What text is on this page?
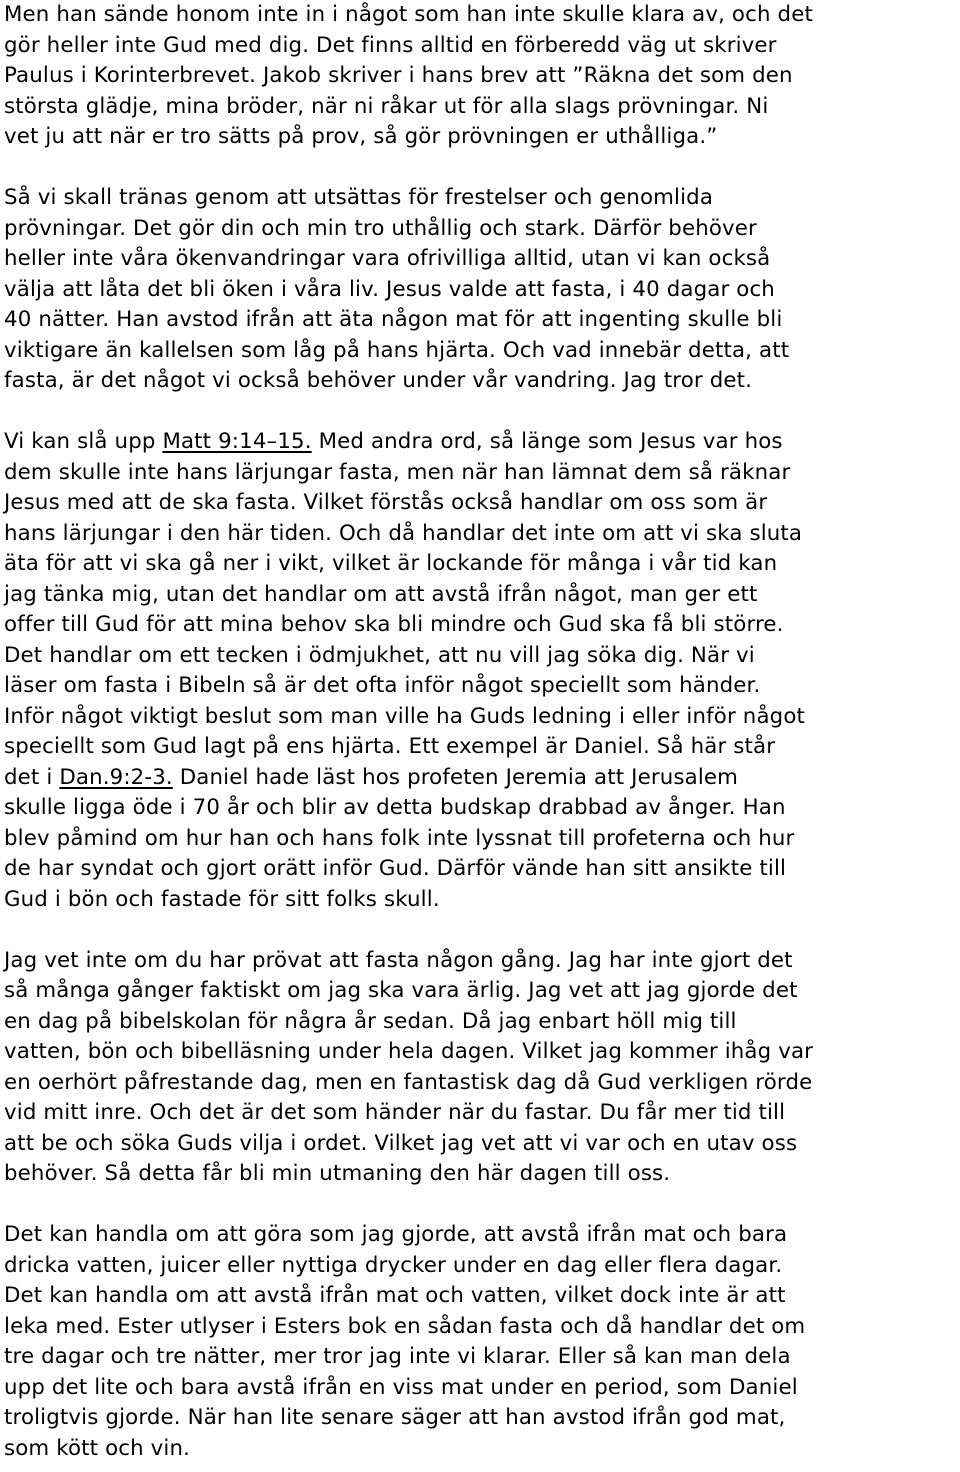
Men han sände honom inte in i något som han inte skulle klara av, och det
gör heller inte Gud med dig. Det finns alltid en förberedd väg ut skriver
Paulus i Korinterbrevet. Jakob skriver i hans brev att ”Räkna det som den
största glädje, mina bröder, när ni råkar ut för alla slags prövningar. Ni
vet ju att när er tro sätts på prov, så gör prövningen er uthålliga.”

Så vi skall tränas genom att utsättas för frestelser och genomlida
prövningar. Det gör din och min tro uthållig och stark. Därför behöver
heller inte våra ökenvandringar vara ofrivilliga alltid, utan vi kan också
välja att låta det bli öken i våra liv. Jesus valde att fasta, i 40 dagar och
40 nätter. Han avstod ifrån att äta någon mat för att ingenting skulle bli
viktigare än kallelsen som låg på hans hjärta. Och vad innebär detta, att
fasta, är det något vi också behöver under vår vandring. Jag tror det.

Vi kan slå upp Matt 9:14–15. Med andra ord, så länge som Jesus var hos
dem skulle inte hans lärjungar fasta, men när han lämnat dem så räknar
Jesus med att de ska fasta. Vilket förstås också handlar om oss som är
hans lärjungar i den här tiden. Och då handlar det inte om att vi ska sluta
äta för att vi ska gå ner i vikt, vilket är lockande för många i vår tid kan
jag tänka mig, utan det handlar om att avstå ifrån något, man ger ett
offer till Gud för att mina behov ska bli mindre och Gud ska få bli större.
Det handlar om ett tecken i ödmjukhet, att nu vill jag söka dig. När vi
läser om fasta i Bibeln så är det ofta inför något speciellt som händer.
Inför något viktigt beslut som man ville ha Guds ledning i eller inför något
speciellt som Gud lagt på ens hjärta. Ett exempel är Daniel. Så här står
det i Dan.9:2-3. Daniel hade läst hos profeten Jeremia att Jerusalem
skulle ligga öde i 70 år och blir av detta budskap drabbad av ånger. Han
blev påmind om hur han och hans folk inte lyssnat till profeterna och hur
de har syndat och gjort orätt inför Gud. Därför vände han sitt ansikte till
Gud i bön och fastade för sitt folks skull.

Jag vet inte om du har prövat att fasta någon gång. Jag har inte gjort det
så många gånger faktiskt om jag ska vara ärlig. Jag vet att jag gjorde det
en dag på bibelskolan för några år sedan. Då jag enbart höll mig till
vatten, bön och bibelläsning under hela dagen. Vilket jag kommer ihåg var
en oerhört påfrestande dag, men en fantastisk dag då Gud verkligen rörde
vid mitt inre. Och det är det som händer när du fastar. Du får mer tid till
att be och söka Guds vilja i ordet. Vilket jag vet att vi var och en utav oss
behöver. Så detta får bli min utmaning den här dagen till oss.

Det kan handla om att göra som jag gjorde, att avstå ifrån mat och bara
dricka vatten, juicer eller nyttiga drycker under en dag eller flera dagar.
Det kan handla om att avstå ifrån mat och vatten, vilket dock inte är att
leka med. Ester utlyser i Esters bok en sådan fasta och då handlar det om
tre dagar och tre nätter, mer tror jag inte vi klarar. Eller så kan man dela
upp det lite och bara avstå ifrån en viss mat under en period, som Daniel
troligtvis gjorde. När han lite senare säger att han avstod ifrån god mat,
som kött och vin.
